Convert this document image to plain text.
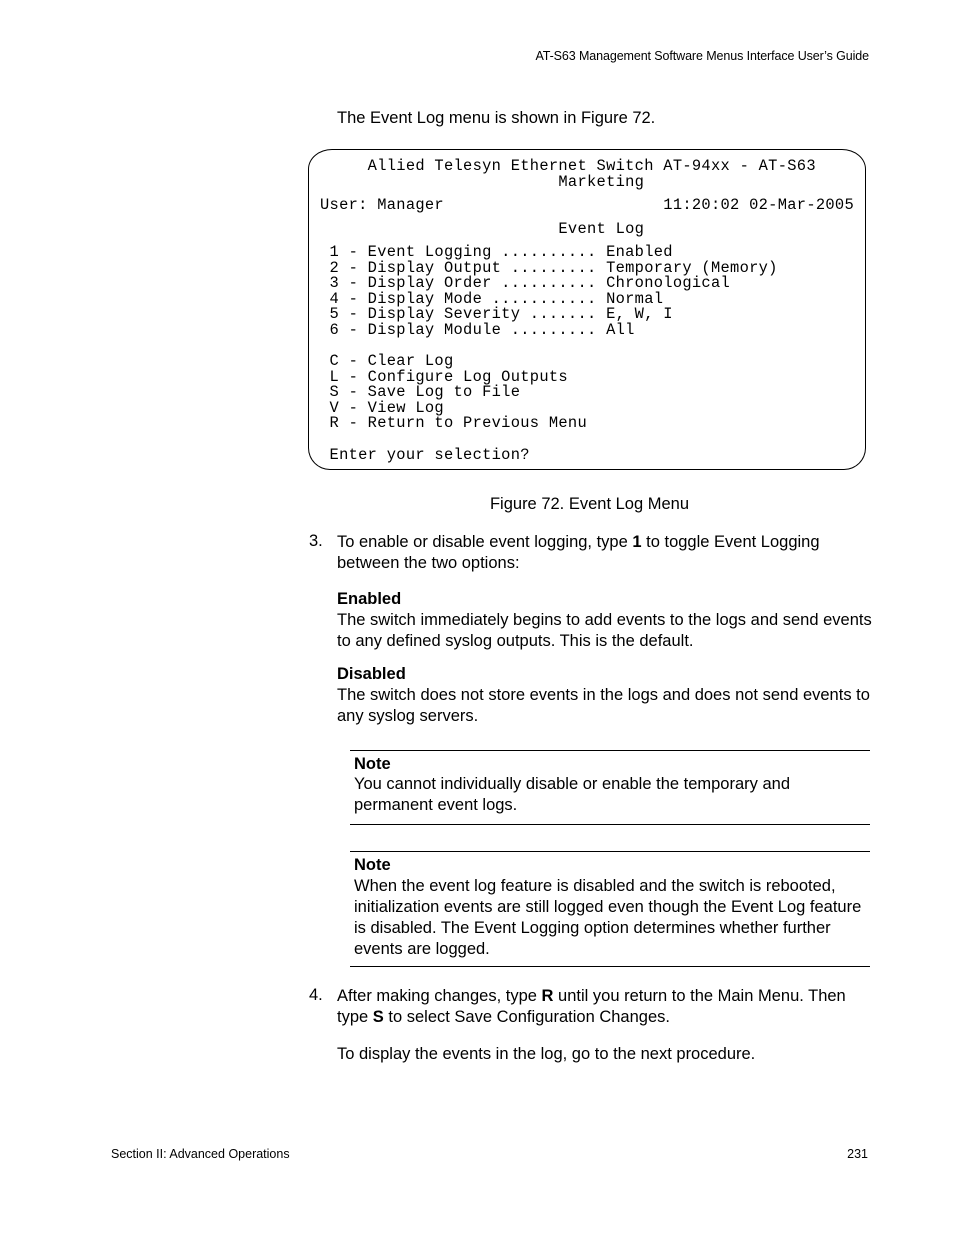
AT-S63 Management Software Menus Interface User’s Guide
The Event Log menu is shown in Figure 72.
Allied Telesyn Ethernet Switch AT-94xx - AT-S63
Marketing
User: Manager                       11:20:02 02-Mar-2005
Event Log
1 - Event Logging .......... Enabled
2 - Display Output ......... Temporary (Memory)
3 - Display Order .......... Chronological
4 - Display Mode ........... Normal
5 - Display Severity ....... E, W, I
6 - Display Module ......... All
C - Clear Log
L - Configure Log Outputs
S - Save Log to File
V - View Log
R - Return to Previous Menu
Enter your selection?
Figure 72. Event Log Menu
3. To enable or disable event logging, type 1 to toggle Event Logging between the two options:
Enabled
The switch immediately begins to add events to the logs and send events to any defined syslog outputs. This is the default.
Disabled
The switch does not store events in the logs and does not send events to any syslog servers.
Note
You cannot individually disable or enable the temporary and permanent event logs.
Note
When the event log feature is disabled and the switch is rebooted, initialization events are still logged even though the Event Log feature is disabled. The Event Logging option determines whether further events are logged.
4. After making changes, type R until you return to the Main Menu. Then type S to select Save Configuration Changes.
To display the events in the log, go to the next procedure.
Section II: Advanced Operations	231
